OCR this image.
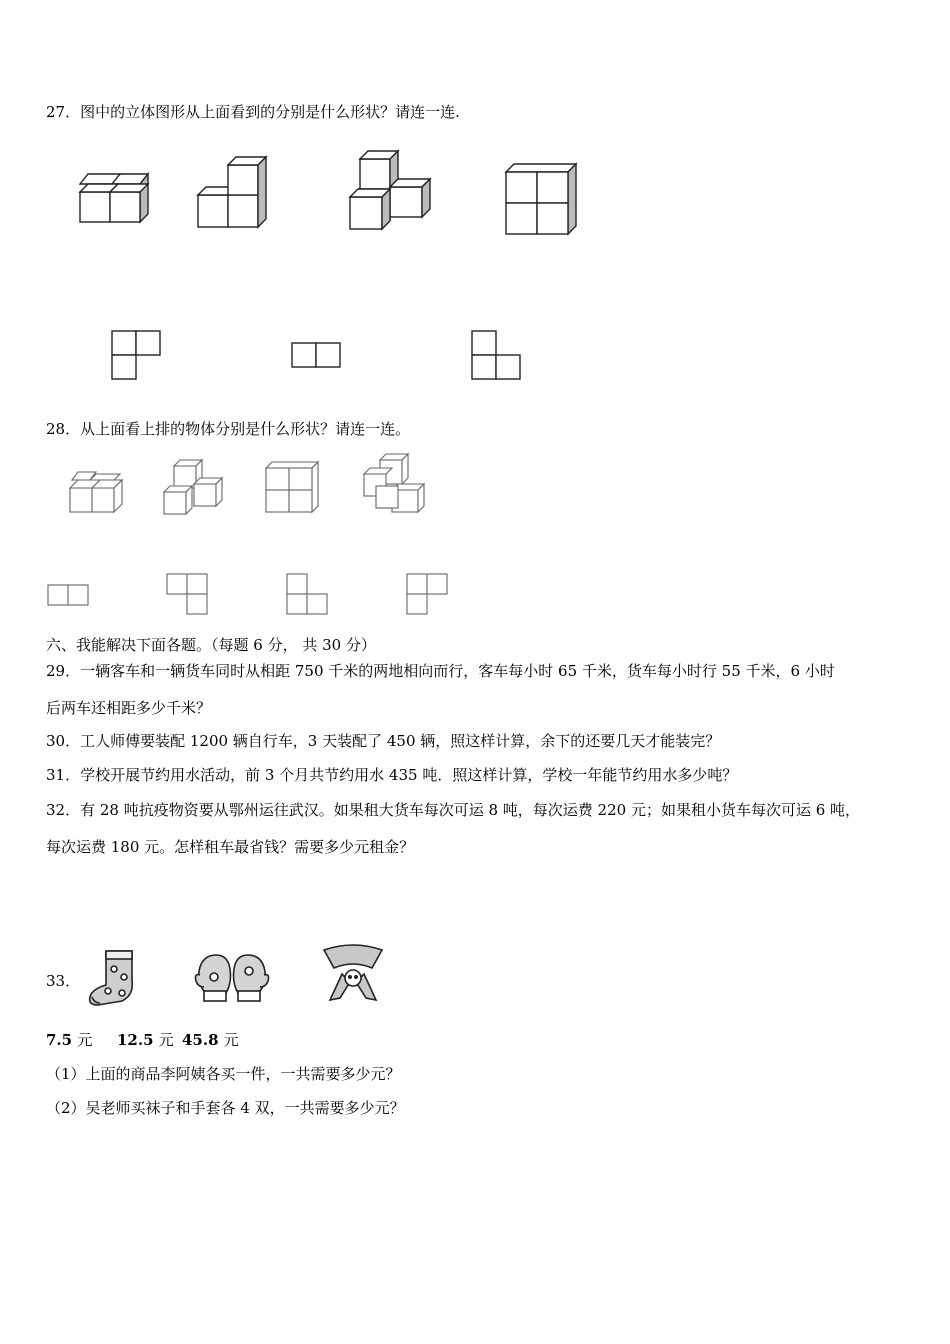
27．图中的立体图形从上面看到的分别是什么形状？请连一连.
28．从上面看上排的物体分别是什么形状？请连一连。
六、我能解决下面各题。（每题 6 分， 共 30 分）
29．一辆客车和一辆货车同时从相距 750 千米的两地相向而行，客车每小时 65 千米，货车每小时行 55 千米，6 小时
后两车还相距多少千米？
30．工人师傅要装配 1200 辆自行车，3 天装配了 450 辆，照这样计算，余下的还要几天才能装完？
31．学校开展节约用水活动，前 3 个月共节约用水 435 吨．照这样计算，学校一年能节约用水多少吨？
32．有 28 吨抗疫物资要从鄂州运往武汉。如果租大货车每次可运 8 吨，每次运费 220 元；如果租小货车每次可运 6 吨，
每次运费 180 元。怎样租车最省钱？需要多少元租金？
33．
7.5 元 12.5 元 45.8 元
（1）上面的商品李阿姨各买一件，一共需要多少元？
（2）吴老师买袜子和手套各 4 双，一共需要多少元？
